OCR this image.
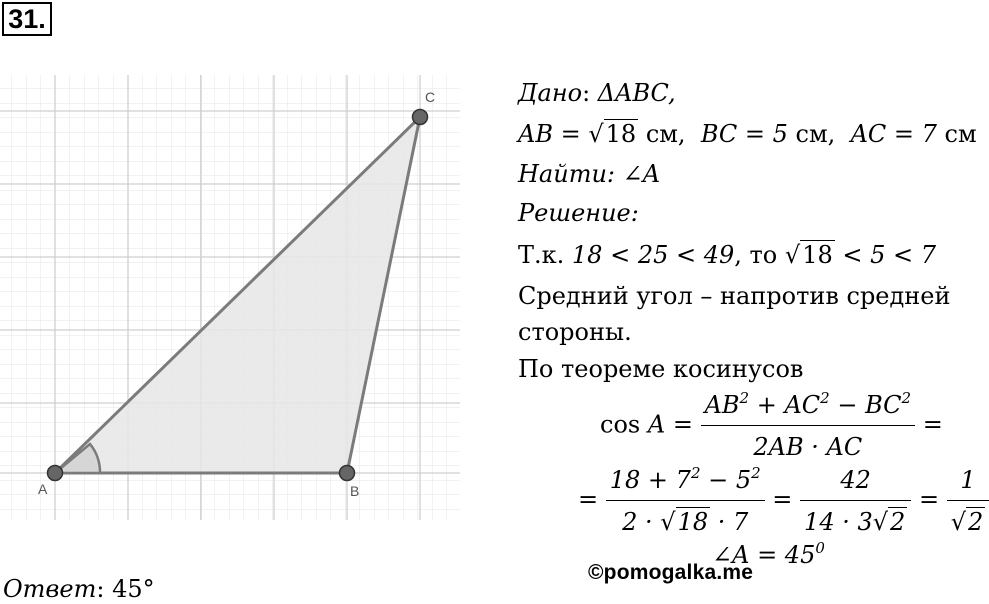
31.
A	B
C	Дано: ΔABC,
AB = √18 см, BC = 5 см, AC = 7 см
Найти: ∠A
Решение:
Т.к. 18 < 25 < 49, то √18 < 5 < 7
Средний угол – напротив средней
стороны.
По теореме косинусов
$\cos A = \frac{AB^2 + AC^2 - BC^2}{2AB \cdot AC}$ =
= $\frac{18 + 7^2 - 5^2}{2 \cdot √18 \cdot 7} = \frac{42}{14 \cdot 3√2} = \frac{1}{√2}$
∠A = $45^0$
Ответ: 45°
©pomogalka.me
